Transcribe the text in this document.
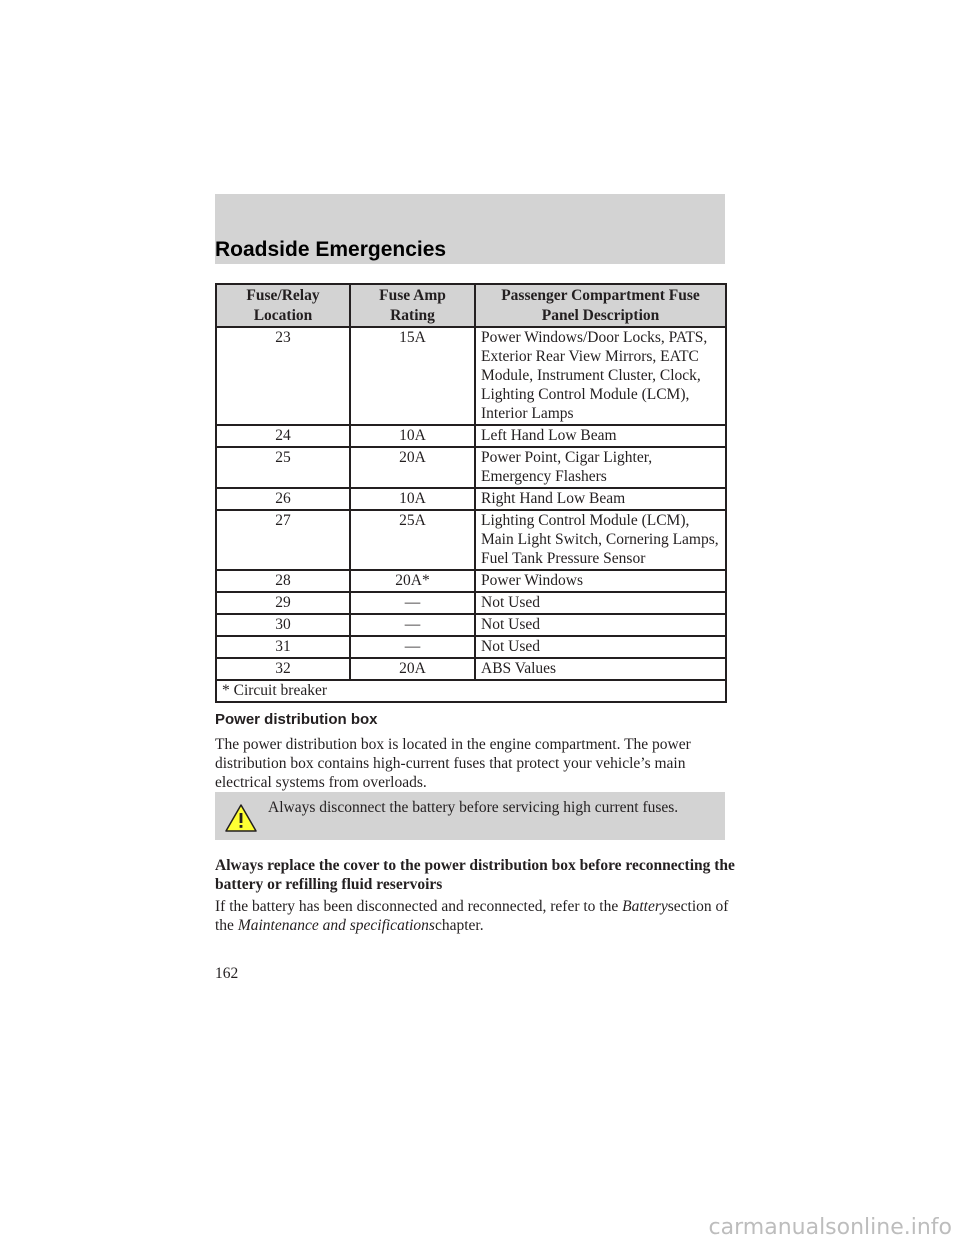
Roadside Emergencies
Fuse/Relay Location	Fuse Amp Rating	Passenger Compartment Fuse Panel Description
23	15A	Power Windows/Door Locks, PATS, Exterior Rear View Mirrors, EATC Module, Instrument Cluster, Clock, Lighting Control Module (LCM), Interior Lamps
24	10A	Left Hand Low Beam
25	20A	Power Point, Cigar Lighter, Emergency Flashers
26	10A	Right Hand Low Beam
27	25A	Lighting Control Module (LCM), Main Light Switch, Cornering Lamps, Fuel Tank Pressure Sensor
28	20A*	Power Windows
29	—	Not Used
30	—	Not Used
31	—	Not Used
32	20A	ABS Values
* Circuit breaker		
Power distribution box
The power distribution box is located in the engine compartment. The power distribution box contains high-current fuses that protect your vehicle’s main electrical systems from overloads.
Always disconnect the battery before servicing high current fuses.
Always replace the cover to the power distribution box before reconnecting the battery or refilling fluid reservoirs
If the battery has been disconnected and reconnected, refer to the Batterysection of the Maintenance and specificationschapter.
162
carmanualsonline.info
